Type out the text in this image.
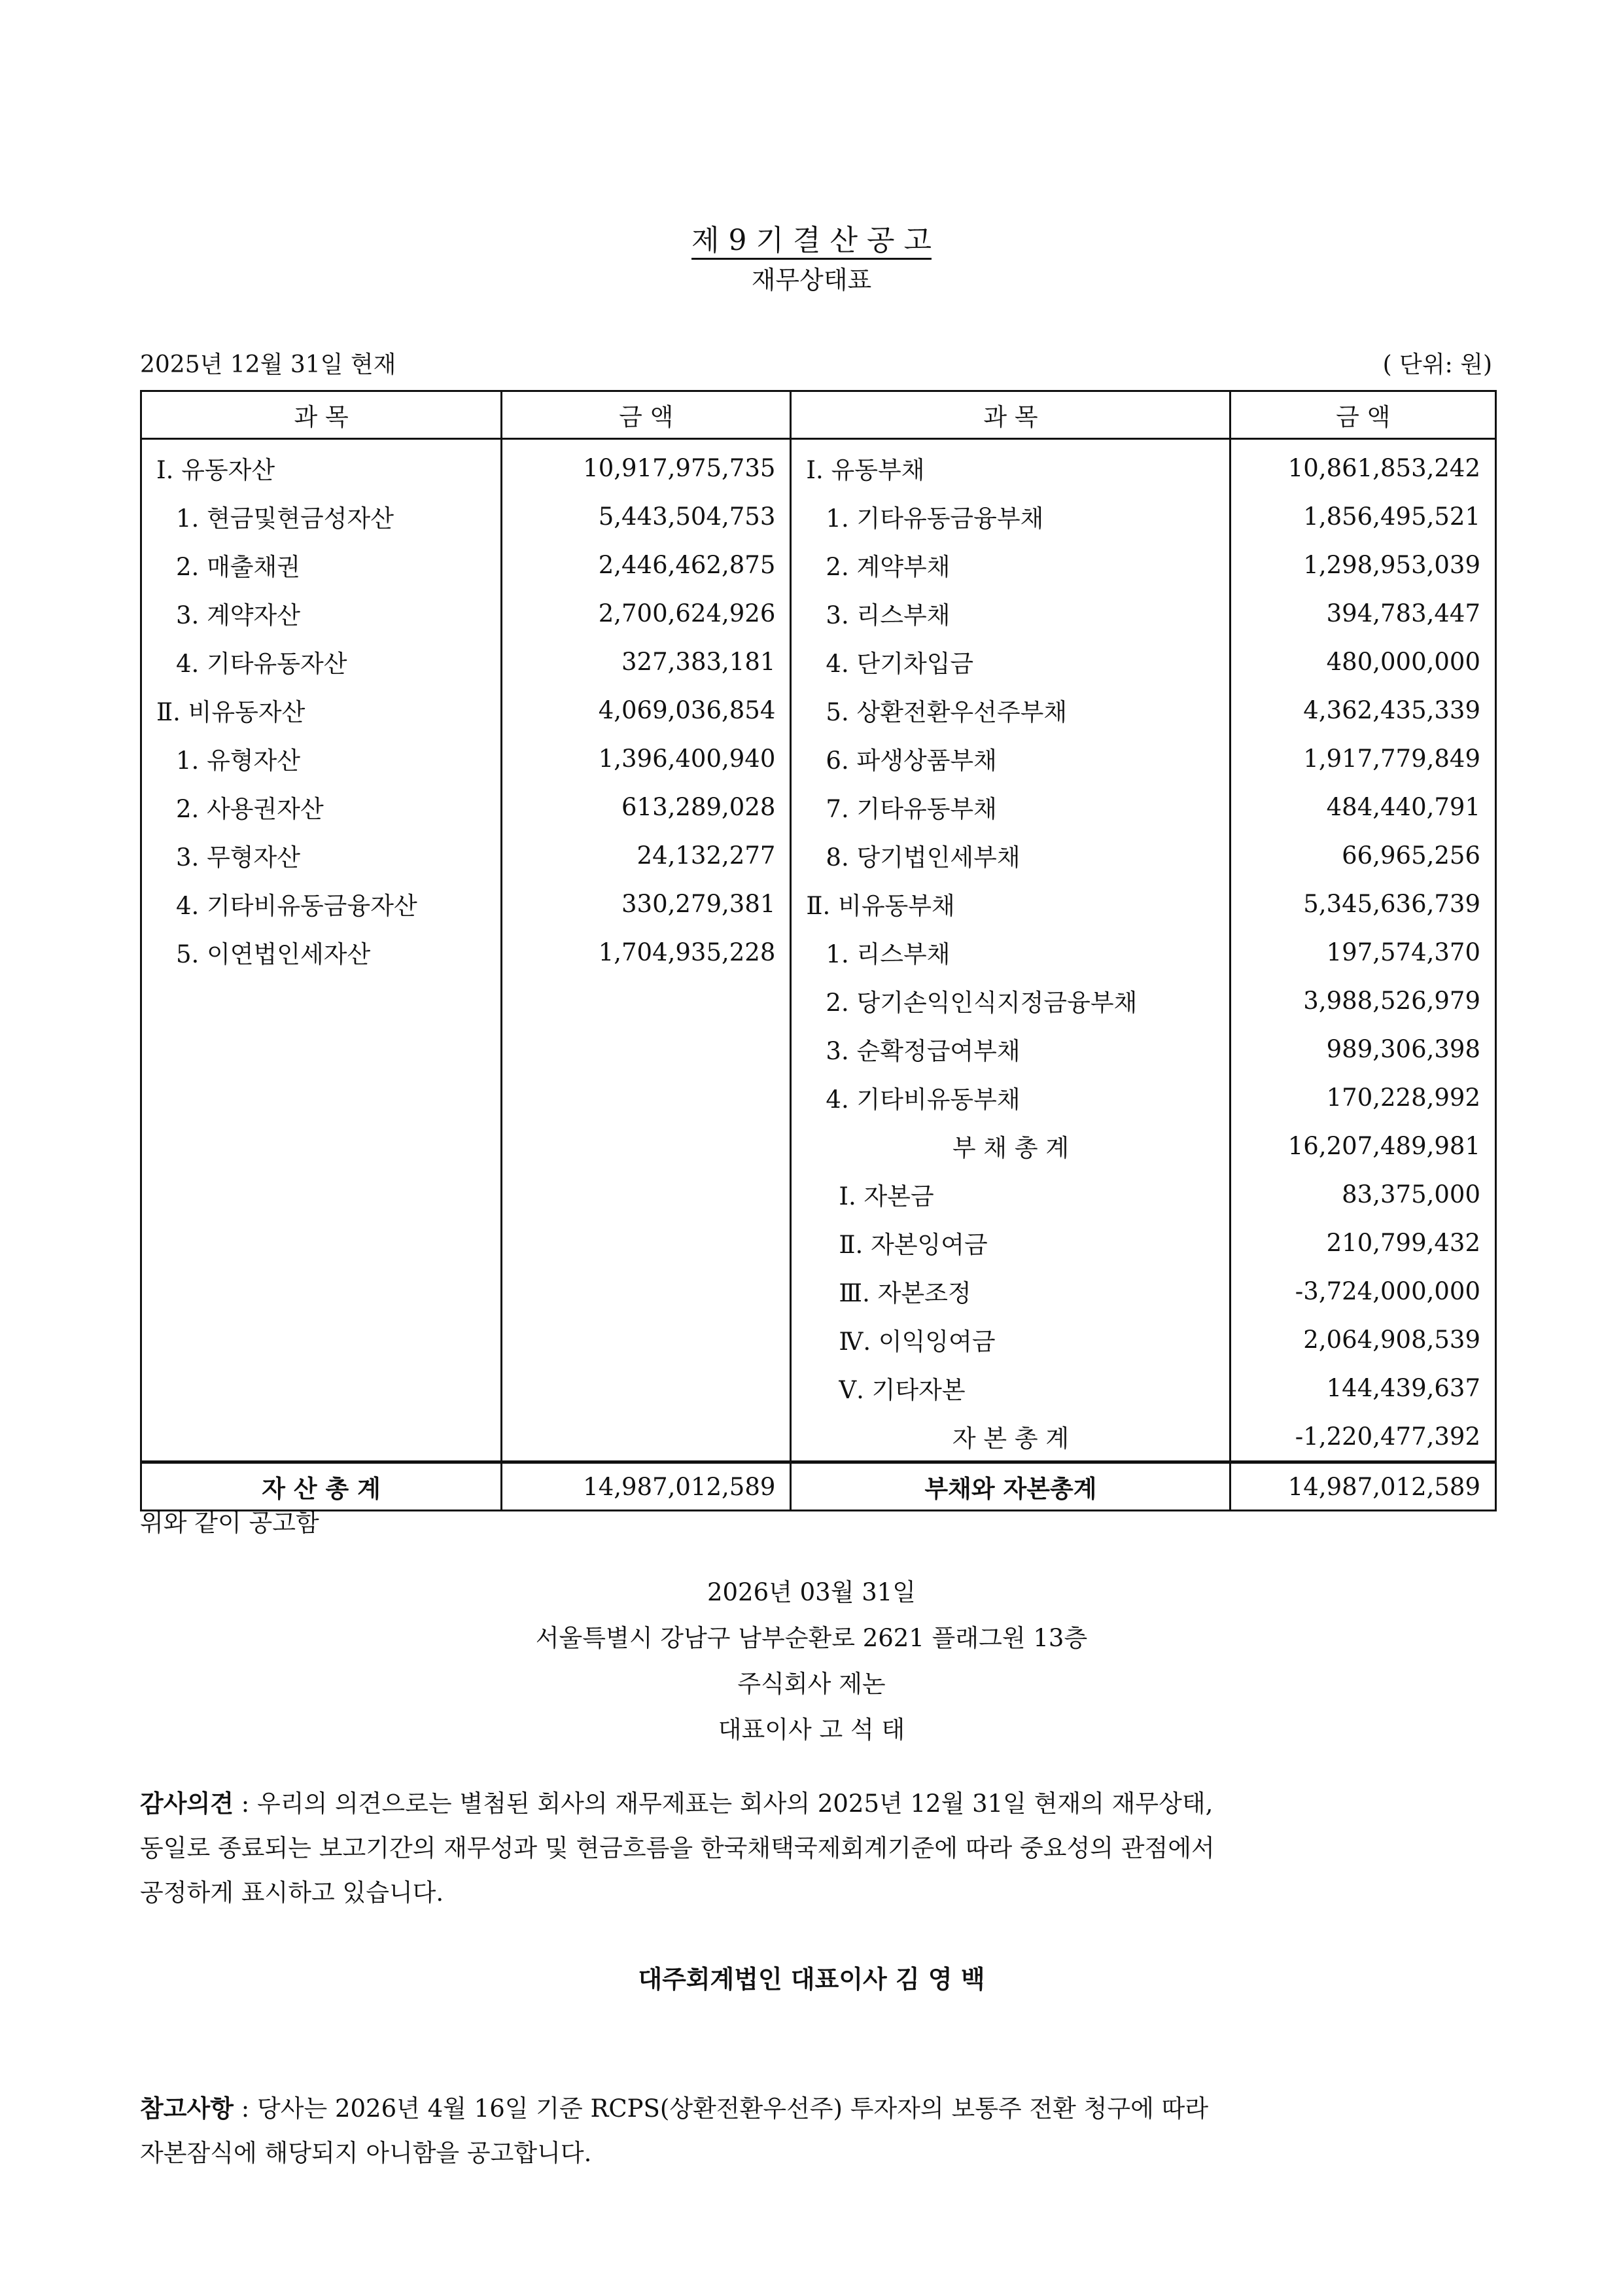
제 9 기 결 산 공 고
재무상태표
2025년 12월 31일 현재	( 단위: 원)
과 목	금 액	과 목	금 액
Ⅰ. 유동자산	10,917,975,735	Ⅰ. 유동부채	10,861,853,242
1. 현금및현금성자산	5,443,504,753	1. 기타유동금융부채	1,856,495,521
2. 매출채권	2,446,462,875	2. 계약부채	1,298,953,039
3. 계약자산	2,700,624,926	3. 리스부채	394,783,447
4. 기타유동자산	327,383,181	4. 단기차입금	480,000,000
Ⅱ. 비유동자산	4,069,036,854	5. 상환전환우선주부채	4,362,435,339
1. 유형자산	1,396,400,940	6. 파생상품부채	1,917,779,849
2. 사용권자산	613,289,028	7. 기타유동부채	484,440,791
3. 무형자산	24,132,277	8. 당기법인세부채	66,965,256
4. 기타비유동금융자산	330,279,381	Ⅱ. 비유동부채	5,345,636,739
5. 이연법인세자산	1,704,935,228	1. 리스부채	197,574,370
		2. 당기손익인식지정금융부채	3,988,526,979
		3. 순확정급여부채	989,306,398
		4. 기타비유동부채	170,228,992
		부 채 총 계	16,207,489,981
		Ⅰ. 자본금	83,375,000
		Ⅱ. 자본잉여금	210,799,432
		Ⅲ. 자본조정	-3,724,000,000
		Ⅳ. 이익잉여금	2,064,908,539
		Ⅴ. 기타자본	144,439,637
		자 본 총 계	-1,220,477,392
자 산 총 계	14,987,012,589	부채와 자본총계	14,987,012,589
위와 같이 공고함
2026년 03월 31일
서울특별시 강남구 남부순환로 2621 플래그원 13층
주식회사 제논
대표이사 고 석 태
감사의견 : 우리의 의견으로는 별첨된 회사의 재무제표는 회사의 2025년 12월 31일 현재의 재무상태,
동일로 종료되는 보고기간의 재무성과 및 현금흐름을 한국채택국제회계기준에 따라 중요성의 관점에서
공정하게 표시하고 있습니다.
대주회계법인 대표이사 김 영 백
참고사항 : 당사는 2026년 4월 16일 기준 RCPS(상환전환우선주) 투자자의 보통주 전환 청구에 따라
자본잠식에 해당되지 아니함을 공고합니다.
